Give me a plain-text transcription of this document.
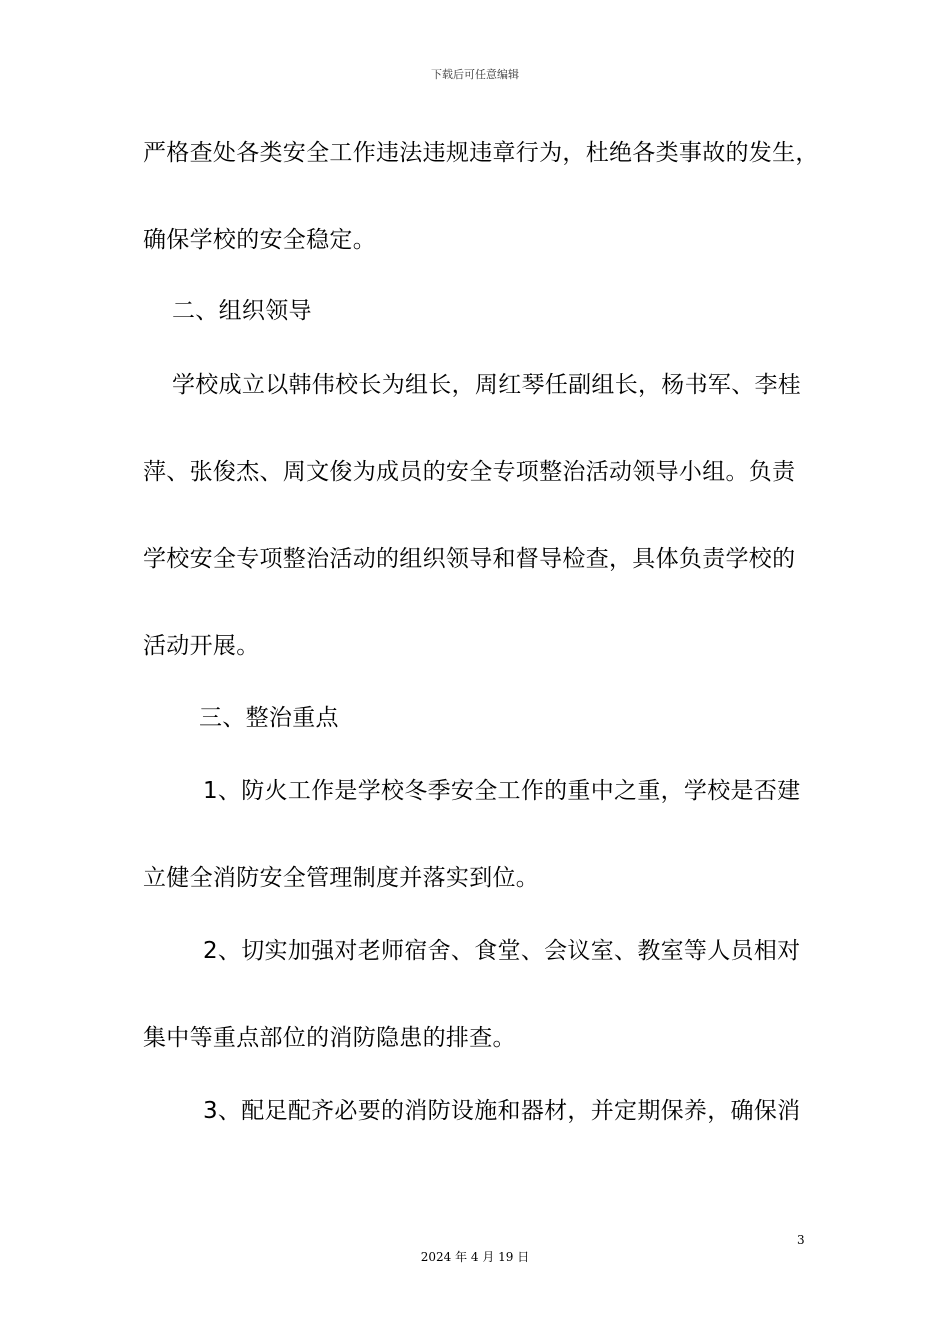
下载后可任意编辑
严格查处各类安全工作违法违规违章行为，杜绝各类事故的发生，
确保学校的安全稳定。
二、组织领导
学校成立以韩伟校长为组长，周红琴任副组长，杨书军、李桂
萍、张俊杰、周文俊为成员的安全专项整治活动领导小组。负责
学校安全专项整治活动的组织领导和督导检查，具体负责学校的
活动开展。
三、整治重点
1、防火工作是学校冬季安全工作的重中之重，学校是否建
立健全消防安全管理制度并落实到位。
2、切实加强对老师宿舍、食堂、会议室、教室等人员相对
集中等重点部位的消防隐患的排查。
3、配足配齐必要的消防设施和器材，并定期保养，确保消
3
2024 年 4 月 19 日
